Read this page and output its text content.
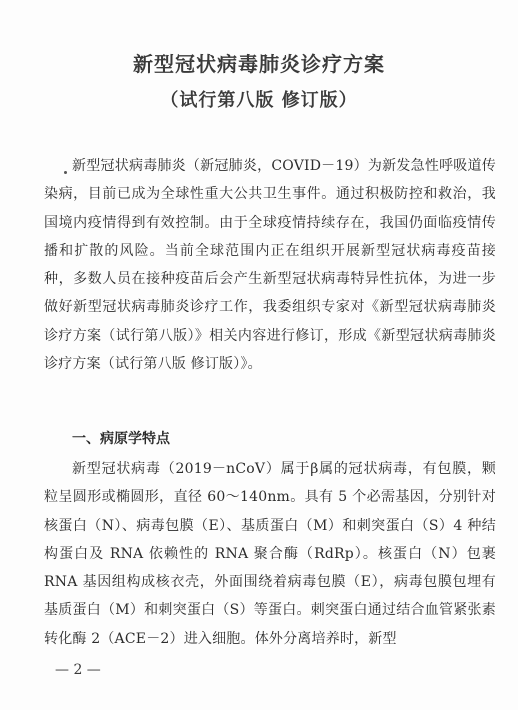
新型冠状病毒肺炎诊疗方案
（试行第八版 修订版）

新型冠状病毒肺炎（新冠肺炎，COVID－19）为新发急性呼吸道传染病，目前已成为全球性重大公共卫生事件。通过积极防控和救治，我国境内疫情得到有效控制。由于全球疫情持续存在，我国仍面临疫情传播和扩散的风险。当前全球范围内正在组织开展新型冠状病毒疫苗接种，多数人员在接种疫苗后会产生新型冠状病毒特异性抗体，为进一步做好新型冠状病毒肺炎诊疗工作，我委组织专家对《新型冠状病毒肺炎诊疗方案（试行第八版）》相关内容进行修订，形成《新型冠状病毒肺炎诊疗方案（试行第八版 修订版）》。

一、病原学特点

新型冠状病毒（2019－nCoV）属于β属的冠状病毒，有包膜，颗粒呈圆形或椭圆形，直径 60～140nm。具有 5 个必需基因，分别针对核蛋白（N）、病毒包膜（E）、基质蛋白（M）和刺突蛋白（S）4 种结构蛋白及 RNA 依赖性的 RNA 聚合酶（RdRp）。核蛋白（N）包裹 RNA 基因组构成核衣壳，外面围绕着病毒包膜（E），病毒包膜包埋有基质蛋白（M）和刺突蛋白（S）等蛋白。刺突蛋白通过结合血管紧张素转化酶 2（ACE－2）进入细胞。体外分离培养时，新型

— 2 —
